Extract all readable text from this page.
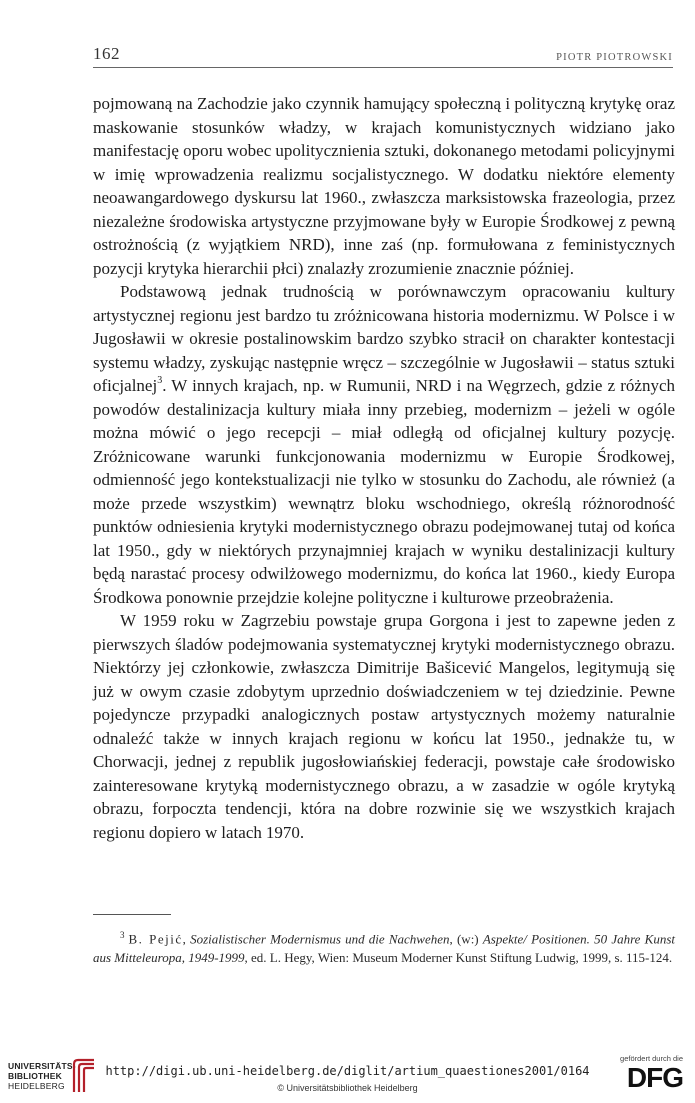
162	PIOTR PIOTROWSKI

pojmowaną na Zachodzie jako czynnik hamujący społeczną i polityczną krytykę oraz maskowanie stosunków władzy, w krajach komunistycznych widziano jako manifestację oporu wobec upolitycznienia sztuki, dokonanego metodami policyjnymi w imię wprowadzenia realizmu socjalistycznego. W dodatku niektóre elementy neoawangardowego dyskursu lat 1960., zwłaszcza marksistowska frazeologia, przez niezależne środowiska artystyczne przyjmowane były w Europie Środkowej z pewną ostrożnością (z wyjątkiem NRD), inne zaś (np. formułowana z feministycznych pozycji krytyka hierarchii płci) znalazły zrozumienie znacznie później.

Podstawową jednak trudnością w porównawczym opracowaniu kultury artystycznej regionu jest bardzo tu zróżnicowana historia modernizmu. W Polsce i w Jugosławii w okresie postalinowskim bardzo szybko stracił on charakter kontestacji systemu władzy, zyskując następnie wręcz – szczególnie w Jugosławii – status sztuki oficjalnej$^3$. W innych krajach, np. w Rumunii, NRD i na Węgrzech, gdzie z różnych powodów destalinizacja kultury miała inny przebieg, modernizm – jeżeli w ogóle można mówić o jego recepcji – miał odległą od oficjalnej kultury pozycję. Zróżnicowane warunki funkcjonowania modernizmu w Europie Środkowej, odmienność jego kontekstualizacji nie tylko w stosunku do Zachodu, ale również (a może przede wszystkim) wewnątrz bloku wschodniego, określą różnorodność punktów odniesienia krytyki modernistycznego obrazu podejmowanej tutaj od końca lat 1950., gdy w niektórych przynajmniej krajach w wyniku destalinizacji kultury będą narastać procesy odwilżowego modernizmu, do końca lat 1960., kiedy Europa Środkowa ponownie przejdzie kolejne polityczne i kulturowe przeobrażenia.

W 1959 roku w Zagrzebiu powstaje grupa Gorgona i jest to zapewne jeden z pierwszych śladów podejmowania systematycznej krytyki modernistycznego obrazu. Niektórzy jej członkowie, zwłaszcza Dimitrije Bašicević Mangelos, legitymują się już w owym czasie zdobytym uprzednio doświadczeniem w tej dziedzinie. Pewne pojedyncze przypadki analogicznych postaw artystycznych możemy naturalnie odnaleźć także w innych krajach regionu w końcu lat 1950., jednakże tu, w Chorwacji, jednej z republik jugosłowiańskiej federacji, powstaje całe środowisko zainteresowane krytyką modernistycznego obrazu, a w zasadzie w ogóle krytyką obrazu, forpoczta tendencji, która na dobre rozwinie się we wszystkich krajach regionu dopiero w latach 1970.

$^3$ B. Pejić, Sozialistischer Modernismus und die Nachwehen, (w:) Aspekte/ Positionen. 50 Jahre Kunst aus Mitteleuropa, 1949-1999, ed. L. Hegy, Wien: Museum Moderner Kunst Stiftung Ludwig, 1999, s. 115-124.
UNIVERSITÄTS-
BIBLIOTHEK
HEIDELBERG
http://digi.ub.uni-heidelberg.de/diglit/artium_quaestiones2001/0164
© Universitätsbibliothek Heidelberg
gefördert durch die
DFG
